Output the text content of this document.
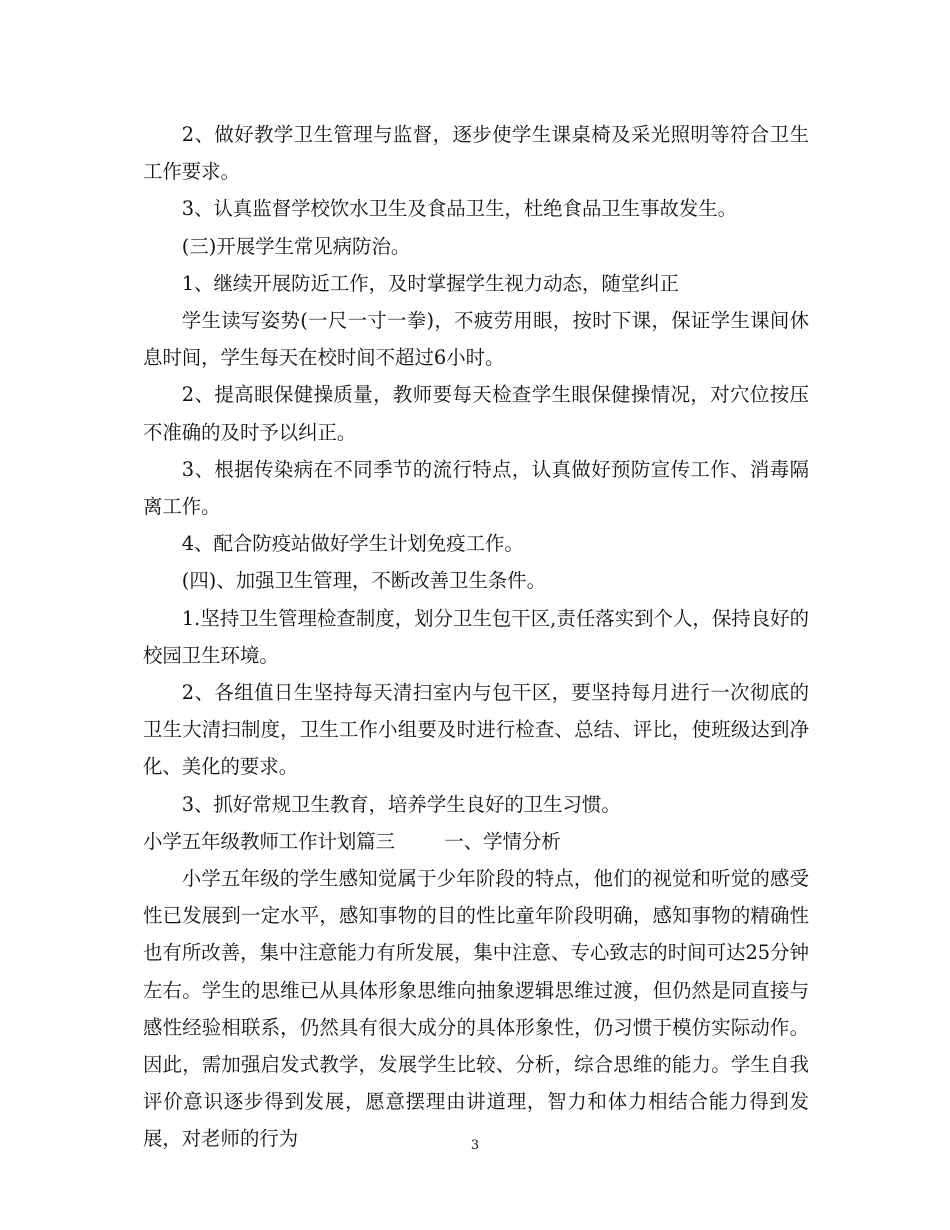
2、做好教学卫生管理与监督，逐步使学生课桌椅及采光照明等符合卫生工作要求。

3、认真监督学校饮水卫生及食品卫生，杜绝食品卫生事故发生。

(三)开展学生常见病防治。

1、继续开展防近工作，及时掌握学生视力动态，随堂纠正

学生读写姿势(一尺一寸一拳)，不疲劳用眼，按时下课，保证学生课间休息时间，学生每天在校时间不超过6小时。

2、提高眼保健操质量，教师要每天检查学生眼保健操情况，对穴位按压不准确的及时予以纠正。

3、根据传染病在不同季节的流行特点，认真做好预防宣传工作、消毒隔离工作。

4、配合防疫站做好学生计划免疫工作。

(四)、加强卫生管理，不断改善卫生条件。

1.坚持卫生管理检查制度，划分卫生包干区,责任落实到个人，保持良好的校园卫生环境。

2、各组值日生坚持每天清扫室内与包干区，要坚持每月进行一次彻底的卫生大清扫制度，卫生工作小组要及时进行检查、总结、评比，使班级达到净化、美化的要求。

3、抓好常规卫生教育，培养学生良好的卫生习惯。

小学五年级教师工作计划篇三        一、学情分析

小学五年级的学生感知觉属于少年阶段的特点，他们的视觉和听觉的感受性已发展到一定水平，感知事物的目的性比童年阶段明确，感知事物的精确性也有所改善，集中注意能力有所发展，集中注意、专心致志的时间可达25分钟左右。学生的思维已从具体形象思维向抽象逻辑思维过渡，但仍然是同直接与感性经验相联系，仍然具有很大成分的具体形象性，仍习惯于模仿实际动作。因此，需加强启发式教学，发展学生比较、分析，综合思维的能力。学生自我评价意识逐步得到发展，愿意摆理由讲道理，智力和体力相结合能力得到发展，对老师的行为	3
